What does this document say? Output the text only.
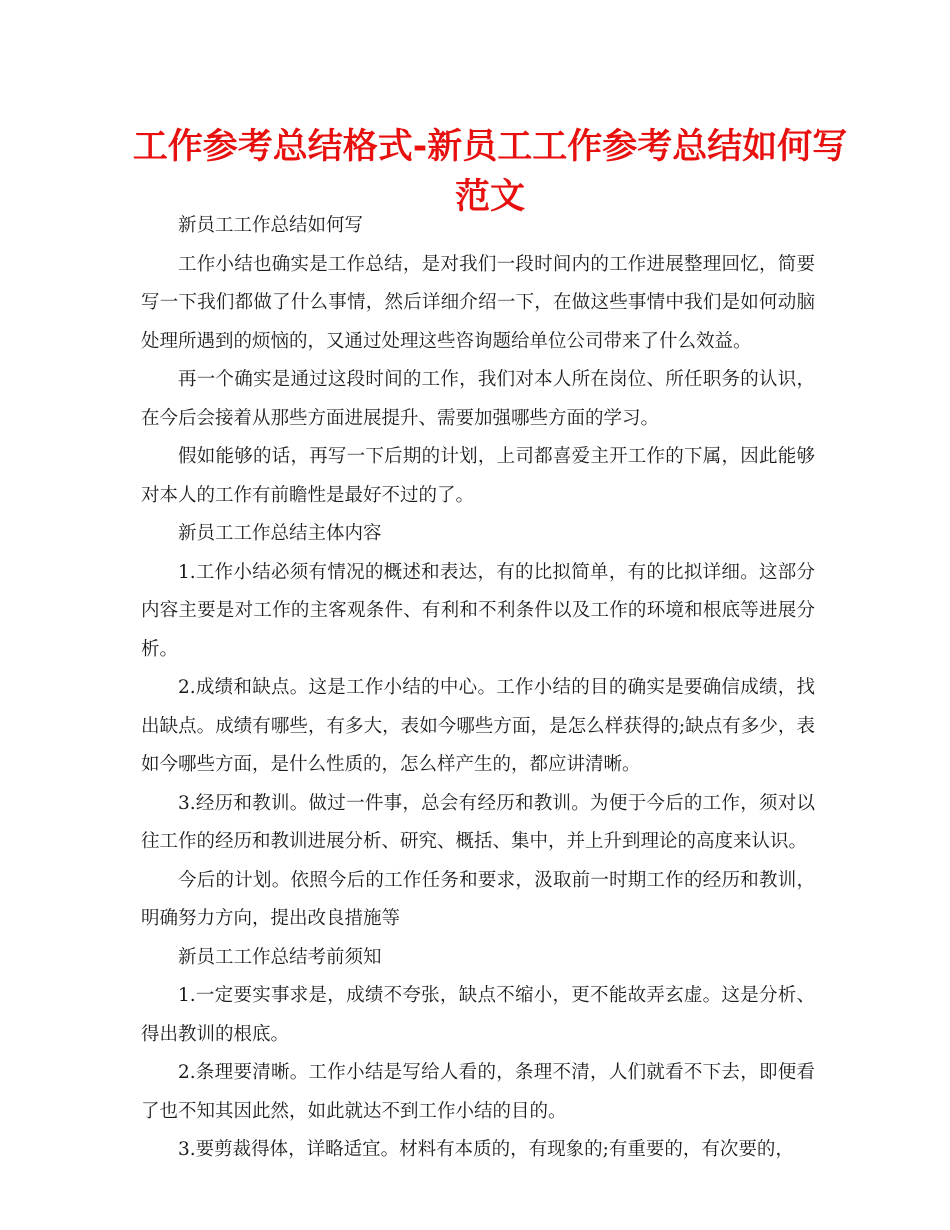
工作参考总结格式-新员工工作参考总结如何写范文

新员工工作总结如何写

工作小结也确实是工作总结，是对我们一段时间内的工作进展整理回忆，简要写一下我们都做了什么事情，然后详细介绍一下，在做这些事情中我们是如何动脑处理所遇到的烦恼的，又通过处理这些咨询题给单位公司带来了什么效益。

再一个确实是通过这段时间的工作，我们对本人所在岗位、所任职务的认识，在今后会接着从那些方面进展提升、需要加强哪些方面的学习。

假如能够的话，再写一下后期的计划，上司都喜爱主开工作的下属，因此能够对本人的工作有前瞻性是最好不过的了。

新员工工作总结主体内容

1.工作小结必须有情况的概述和表达，有的比拟简单，有的比拟详细。这部分内容主要是对工作的主客观条件、有利和不利条件以及工作的环境和根底等进展分析。

2.成绩和缺点。这是工作小结的中心。工作小结的目的确实是要确信成绩，找出缺点。成绩有哪些，有多大，表如今哪些方面，是怎么样获得的;缺点有多少，表如今哪些方面，是什么性质的，怎么样产生的，都应讲清晰。

3.经历和教训。做过一件事，总会有经历和教训。为便于今后的工作，须对以往工作的经历和教训进展分析、研究、概括、集中，并上升到理论的高度来认识。

今后的计划。依照今后的工作任务和要求，汲取前一时期工作的经历和教训，明确努力方向，提出改良措施等

新员工工作总结考前须知

1.一定要实事求是，成绩不夸张，缺点不缩小，更不能故弄玄虚。这是分析、得出教训的根底。

2.条理要清晰。工作小结是写给人看的，条理不清，人们就看不下去，即便看了也不知其因此然，如此就达不到工作小结的目的。

3.要剪裁得体，详略适宜。材料有本质的，有现象的;有重要的，有次要的，
